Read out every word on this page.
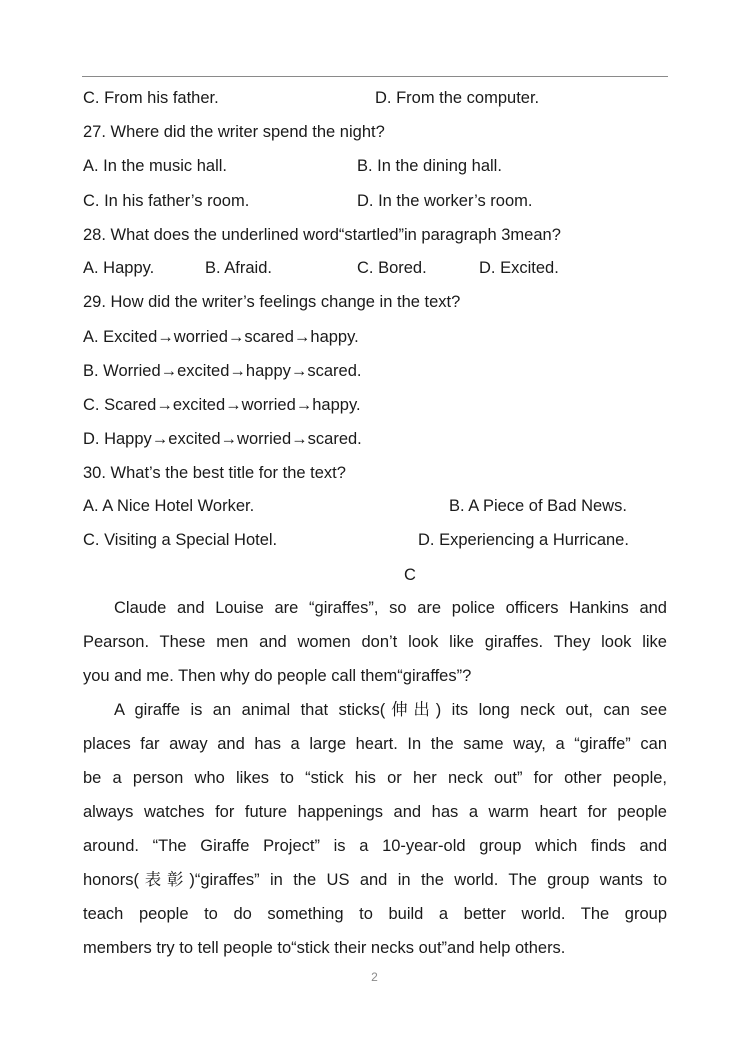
C. From his father.	D. From the computer.
27. Where did the writer spend the night?
A. In the music hall.	B. In the dining hall.
C. In his father’s room.	D. In the worker’s room.
28. What does the underlined word“startled”in paragraph 3mean?
A. Happy.	B. Afraid.	C. Bored.	D. Excited.
29. How did the writer’s feelings change in the text?
A. Excited→worried→scared→happy.
B. Worried→excited→happy→scared.
C. Scared→excited→worried→happy.
D. Happy→excited→worried→scared.
30. What’s the best title for the text?
A. A Nice Hotel Worker.	B. A Piece of Bad News.
C. Visiting a Special Hotel.	D. Experiencing a Hurricane.
C
Claude and Louise are “giraffes”, so are police officers Hankins and
Pearson. These men and women don’t look like giraffes. They look like
you and me. Then why do people call them“giraffes”?
A giraffe is an animal that sticks(伸出) its long neck out, can see
places far away and has a large heart. In the same way, a “giraffe” can
be a person who likes to “stick his or her neck out” for other people,
always watches for future happenings and has a warm heart for people
around. “The Giraffe Project” is a 10-year-old group which finds and
honors(表彰)“giraffes” in the US and in the world. The group wants to
teach people to do something to build a better world. The group
members try to tell people to“stick their necks out”and help others.
2
